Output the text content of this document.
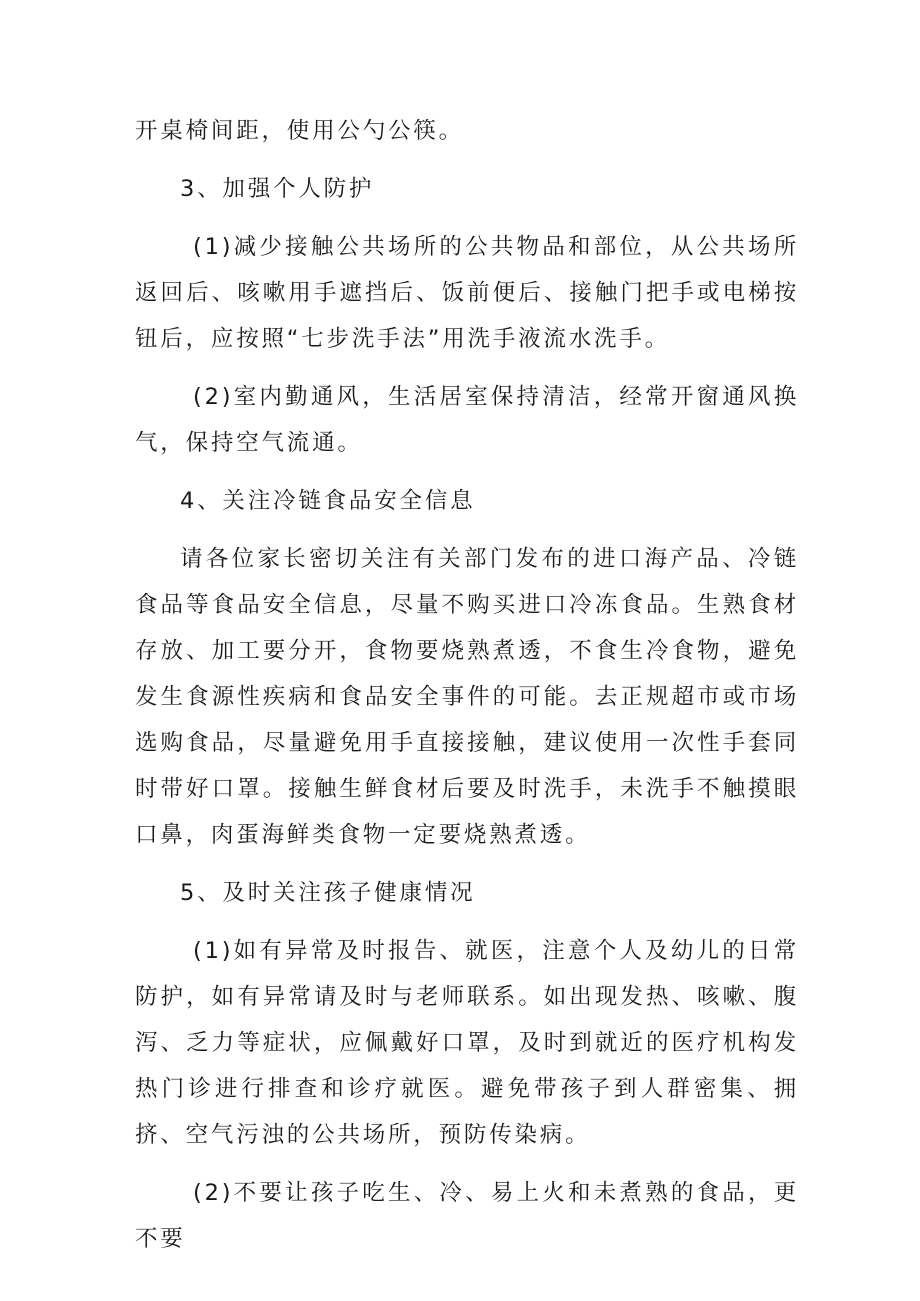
开桌椅间距，使用公勺公筷。

3、加强个人防护

(1)减少接触公共场所的公共物品和部位，从公共场所返回后、咳嗽用手遮挡后、饭前便后、接触门把手或电梯按钮后，应按照“七步洗手法”用洗手液流水洗手。

(2)室内勤通风，生活居室保持清洁，经常开窗通风换气，保持空气流通。

4、关注冷链食品安全信息

请各位家长密切关注有关部门发布的进口海产品、冷链食品等食品安全信息，尽量不购买进口冷冻食品。生熟食材存放、加工要分开，食物要烧熟煮透，不食生冷食物，避免发生食源性疾病和食品安全事件的可能。去正规超市或市场选购食品，尽量避免用手直接接触，建议使用一次性手套同时带好口罩。接触生鲜食材后要及时洗手，未洗手不触摸眼口鼻，肉蛋海鲜类食物一定要烧熟煮透。

5、及时关注孩子健康情况

(1)如有异常及时报告、就医，注意个人及幼儿的日常防护，如有异常请及时与老师联系。如出现发热、咳嗽、腹泻、乏力等症状，应佩戴好口罩，及时到就近的医疗机构发热门诊进行排查和诊疗就医。避免带孩子到人群密集、拥挤、空气污浊的公共场所，预防传染病。

(2)不要让孩子吃生、冷、易上火和未煮熟的食品，更不要
